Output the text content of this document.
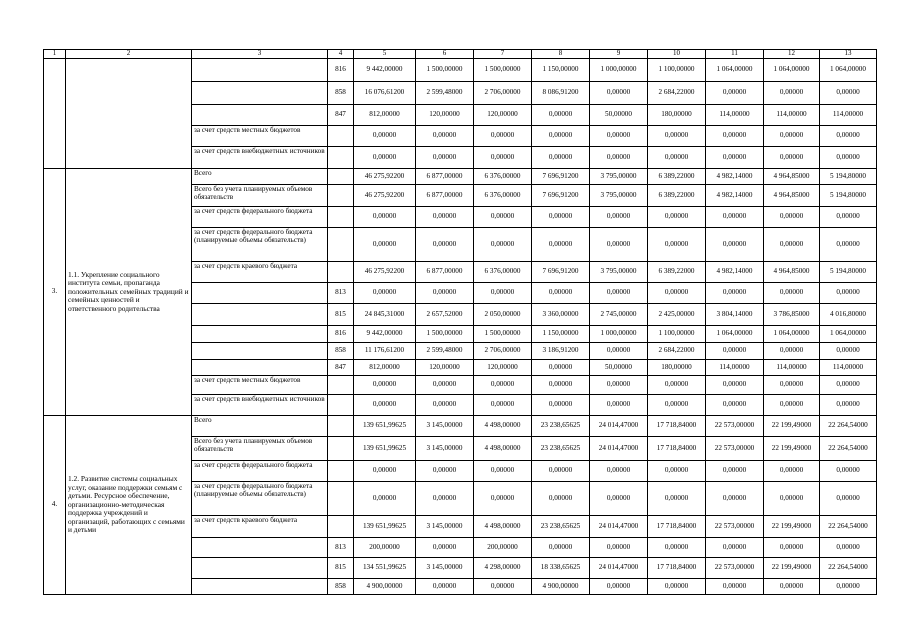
1	2	3	4	5	6	7	8	9	10	11	12	13
			816	9 442,00000	1 500,00000	1 500,00000	1 150,00000	1 000,00000	1 100,00000	1 064,00000	1 064,00000	1 064,00000
			858	16 076,61200	2 599,48000	2 706,00000	8 086,91200	0,00000	2 684,22000	0,00000	0,00000	0,00000
			847	812,00000	120,00000	120,00000	0,00000	50,00000	180,00000	114,00000	114,00000	114,00000
		за счет средств местных бюджетов		0,00000	0,00000	0,00000	0,00000	0,00000	0,00000	0,00000	0,00000	0,00000
		за счет средств внебюджетных источников		0,00000	0,00000	0,00000	0,00000	0,00000	0,00000	0,00000	0,00000	0,00000
3.	1.1. Укрепление социального института семьи, пропаганда положительных семейных традиций и семейных ценностей и ответственного родительства	Всего		46 275,92200	6 877,00000	6 376,00000	7 696,91200	3 795,00000	6 389,22000	4 982,14000	4 964,85000	5 194,80000
		Всего без учета планируемых объемов обязательств		46 275,92200	6 877,00000	6 376,00000	7 696,91200	3 795,00000	6 389,22000	4 982,14000	4 964,85000	5 194,80000
		за счет средств федерального бюджета		0,00000	0,00000	0,00000	0,00000	0,00000	0,00000	0,00000	0,00000	0,00000
		за счет средств федерального бюджета (планируемые объемы обязательств)		0,00000	0,00000	0,00000	0,00000	0,00000	0,00000	0,00000	0,00000	0,00000
		за счет средств краевого бюджета		46 275,92200	6 877,00000	6 376,00000	7 696,91200	3 795,00000	6 389,22000	4 982,14000	4 964,85000	5 194,80000
			813	0,00000	0,00000	0,00000	0,00000	0,00000	0,00000	0,00000	0,00000	0,00000
			815	24 845,31000	2 657,52000	2 050,00000	3 360,00000	2 745,00000	2 425,00000	3 804,14000	3 786,85000	4 016,80000
			816	9 442,00000	1 500,00000	1 500,00000	1 150,00000	1 000,00000	1 100,00000	1 064,00000	1 064,00000	1 064,00000
			858	11 176,61200	2 599,48000	2 706,00000	3 186,91200	0,00000	2 684,22000	0,00000	0,00000	0,00000
			847	812,00000	120,00000	120,00000	0,00000	50,00000	180,00000	114,00000	114,00000	114,00000
		за счет средств местных бюджетов		0,00000	0,00000	0,00000	0,00000	0,00000	0,00000	0,00000	0,00000	0,00000
		за счет средств внебюджетных источников		0,00000	0,00000	0,00000	0,00000	0,00000	0,00000	0,00000	0,00000	0,00000
4.	1.2. Развитие системы социальных услуг, оказание поддержки семьям с детьми. Ресурсное обеспечение, организационно-методическая поддержка учреждений и организаций, работающих с семьями и детьми	Всего		139 651,99625	3 145,00000	4 498,00000	23 238,65625	24 014,47000	17 718,84000	22 573,00000	22 199,49000	22 264,54000
		Всего без учета планируемых объемов обязательств		139 651,99625	3 145,00000	4 498,00000	23 238,65625	24 014,47000	17 718,84000	22 573,00000	22 199,49000	22 264,54000
		за счет средств федерального бюджета		0,00000	0,00000	0,00000	0,00000	0,00000	0,00000	0,00000	0,00000	0,00000
		за счет средств федерального бюджета (планируемые объемы обязательств)		0,00000	0,00000	0,00000	0,00000	0,00000	0,00000	0,00000	0,00000	0,00000
		за счет средств краевого бюджета		139 651,99625	3 145,00000	4 498,00000	23 238,65625	24 014,47000	17 718,84000	22 573,00000	22 199,49000	22 264,54000
			813	200,00000	0,00000	200,00000	0,00000	0,00000	0,00000	0,00000	0,00000	0,00000
			815	134 551,99625	3 145,00000	4 298,00000	18 338,65625	24 014,47000	17 718,84000	22 573,00000	22 199,49000	22 264,54000
			858	4 900,00000	0,00000	0,00000	4 900,00000	0,00000	0,00000	0,00000	0,00000	0,00000
